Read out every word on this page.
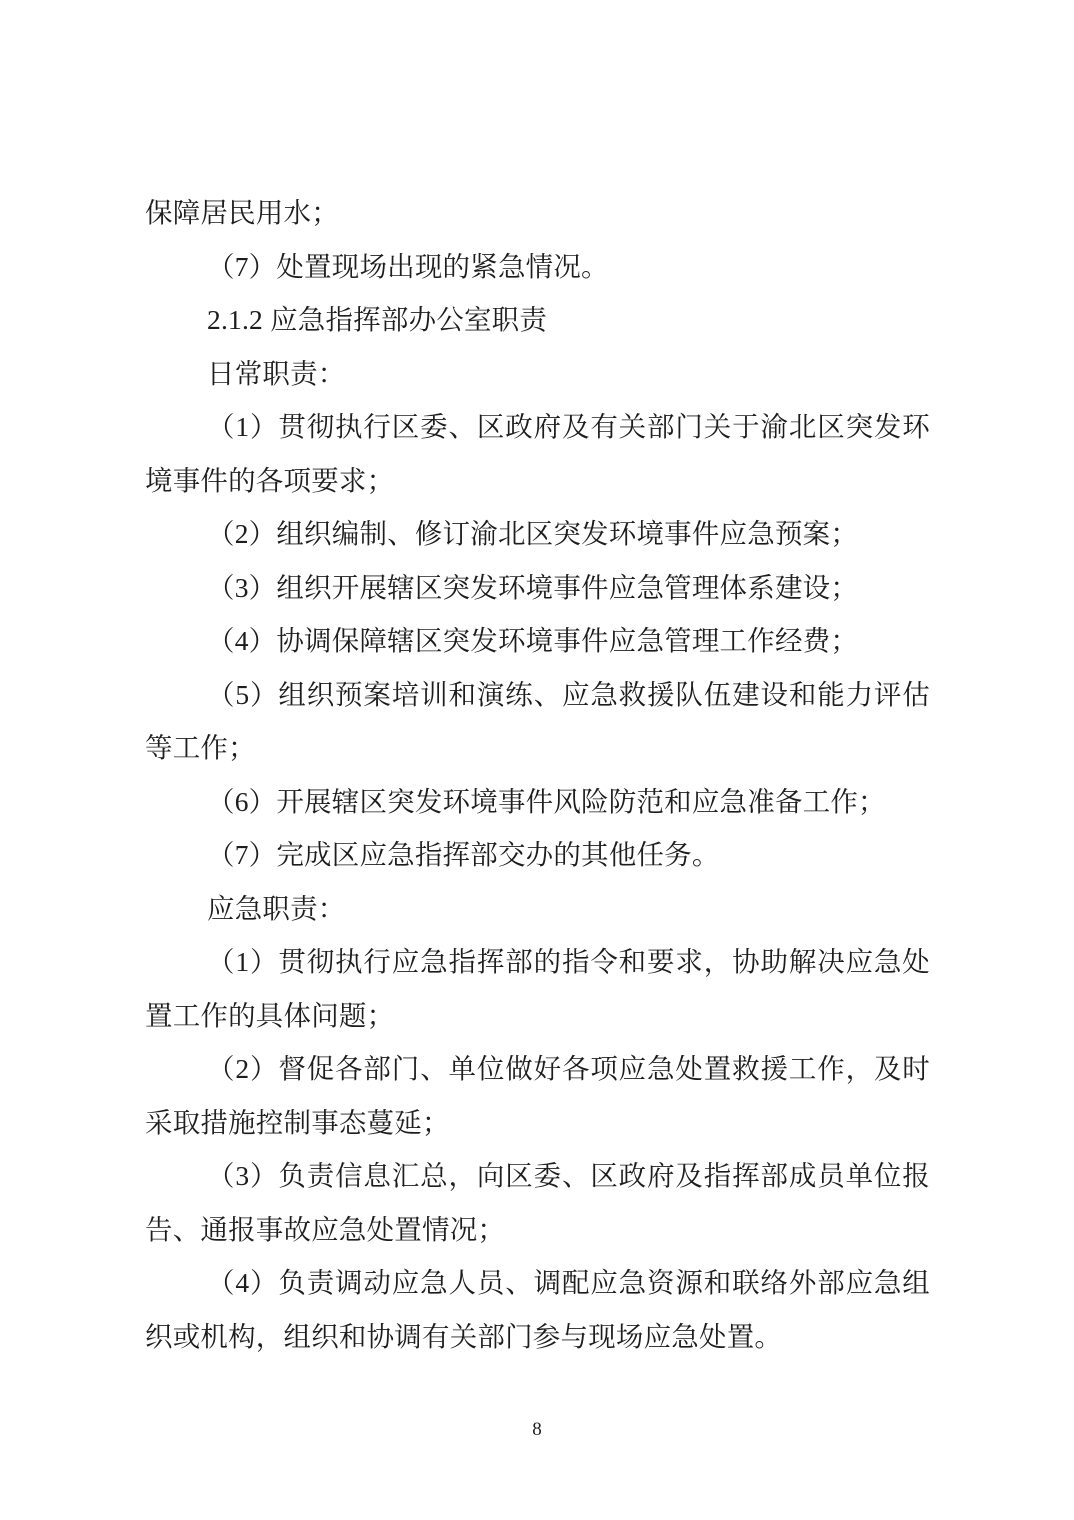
保障居民用水；
（7）处置现场出现的紧急情况。
2.1.2 应急指挥部办公室职责
日常职责：
（1）贯彻执行区委、区政府及有关部门关于渝北区突发环
境事件的各项要求；
（2）组织编制、修订渝北区突发环境事件应急预案；
（3）组织开展辖区突发环境事件应急管理体系建设；
（4）协调保障辖区突发环境事件应急管理工作经费；
（5）组织预案培训和演练、应急救援队伍建设和能力评估
等工作；
（6）开展辖区突发环境事件风险防范和应急准备工作；
（7）完成区应急指挥部交办的其他任务。
应急职责：
（1）贯彻执行应急指挥部的指令和要求，协助解决应急处
置工作的具体问题；
（2）督促各部门、单位做好各项应急处置救援工作，及时
采取措施控制事态蔓延；
（3）负责信息汇总，向区委、区政府及指挥部成员单位报
告、通报事故应急处置情况；
（4）负责调动应急人员、调配应急资源和联络外部应急组
织或机构，组织和协调有关部门参与现场应急处置。
8
